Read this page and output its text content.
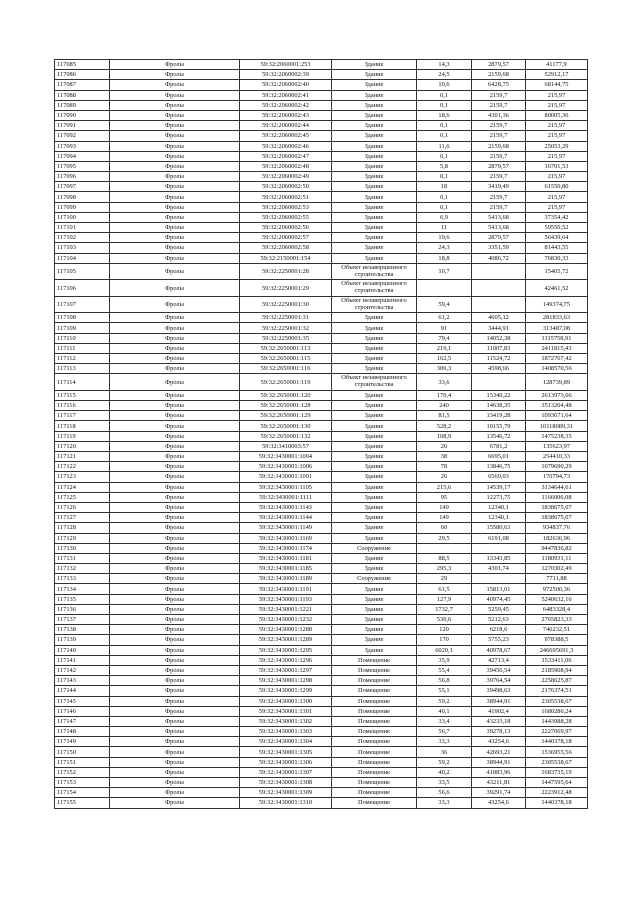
117085	Фролы	59:32:2060001:253	Здание	14,3	2879,57	41177,9
117086	Фролы	59:32:2060002:39	Здание	24,5	2159,68	52912,17
117087	Фролы	59:32:2060002:40	Здание	10,6	6428,75	68144,75
117088	Фролы	59:32:2060002:41	Здание	0,1	2159,7	215,97
117089	Фролы	59:32:2060002:42	Здание	0,1	2159,7	215,97
117090	Фролы	59:32:2060002:43	Здание	18,6	4301,36	80005,36
117091	Фролы	59:32:2060002:44	Здание	0,1	2159,7	215,97
117092	Фролы	59:32:2060002:45	Здание	0,1	2159,7	215,97
117093	Фролы	59:32:2060002:46	Здание	11,6	2159,68	25053,29
117094	Фролы	59:32:2060002:47	Здание	0,1	2159,7	215,97
117095	Фролы	59:32:2060002:48	Здание	5,8	2879,57	16701,53
117096	Фролы	59:32:2060002:49	Здание	0,1	2159,7	215,97
117097	Фролы	59:32:2060002:50	Здание	18	3419,49	61550,80
117098	Фролы	59:32:2060002:51	Здание	0,1	2159,7	215,97
117099	Фролы	59:32:2060002:53	Здание	0,1	2159,7	215,97
117100	Фролы	59:32:2060002:55	Здание	6,9	5413,68	37354,42
117101	Фролы	59:32:2060002:56	Здание	11	5413,68	59550,52
117102	Фролы	59:32:2060002:57	Здание	19,6	2879,57	56439,64
117103	Фролы	59:32:2060002:58	Здание	24,3	3351,59	81443,55
117104	Фролы	59:32:2150001:154	Здание	18,8	4086,72	76830,33
117105	Фролы	59:32:2250001:28	Объект незавершенного строительства	10,7		15405,72
117106	Фролы	59:32:2250001:29	Объект незавершенного строительства			42461,52
117107	Фролы	59:32:2250001:30	Объект незавершенного строительства	59,4		149374,75
117108	Фролы	59:32:2250001:31	Здание	61,2	4605,12	281833,63
117109	Фролы	59:32:2250001:32	Здание	91	3444,91	313487,08
117110	Фролы	59:32:2250001:35	Здание	79,4	14052,38	1115758,91
117111	Фролы	59:32:2650001:113	Здание	219,1	11007,83	2411815,43
117112	Фролы	59:32:2650001:115	Здание	162,5	11524,72	1872767,42
117113	Фролы	59:32:2650001:116	Здание	306,3	4598,66	1408570,56
117114	Фролы	59:32:2650001:119	Объект незавершенного строительства	33,6		128739,89
117115	Фролы	59:32:2650001:120	Здание	170,4	15340,22	2613973,66
117116	Фролы	59:32:2650001:128	Здание	240	14638,35	3513204,48
117117	Фролы	59:32:2650001:129	Здание	81,5	13419,28	1093671,64
117118	Фролы	59:32:2650001:130	Здание	528,2	19155,79	10118089,31
117119	Фролы	59:32:2650001:132	Здание	108,9	13546,72	1475238,35
117120	Фролы	59:32:3410003:57	Здание	20	6781,2	135623,97
117121	Фролы	59:32:3430001:1004	Здание	38	6695,01	254410,33
117122	Фролы	59:32:3430001:1006	Здание	78	13846,75	1079690,29
117123	Фролы	59:32:3430001:1091	Здание	26	6569,03	170794,73
117124	Фролы	59:32:3430001:1105	Здание	215,6	14539,17	3134644,61
117125	Фролы	59:32:3430001:1111	Здание	95	12273,75	1166006,08
117126	Фролы	59:32:3430001:1143	Здание	149	12340,1	1838675,07
117127	Фролы	59:32:3430001:1144	Здание	149	12340,1	1838675,07
117128	Фролы	59:32:3430001:1149	Здание	60	15580,63	934837,76
117129	Фролы	59:32:3430001:1169	Здание	29,5	6191,08	182636,96
117130	Фролы	59:32:3430001:1174	Сооружение			9447836,82
117131	Фролы	59:32:3430001:1181	Здание	88,5	13343,85	1180931,11
117132	Фролы	59:32:3430001:1185	Здание	295,3	4301,74	1270302,49
117133	Фролы	59:32:3430001:1189	Сооружение	29		7711,88
117134	Фролы	59:32:3430001:1191	Здание	61,5	15813,01	972500,36
117135	Фролы	59:32:3430001:1193	Здание	127,9	40974,45	5240632,16
117136	Фролы	59:32:3430001:1221	Здание	1732,7	5259,45	6483328,4
117137	Фролы	59:32:3430001:1232	Здание	530,6	5212,63	2765823,33
117138	Фролы	59:32:3430001:1288	Здание	120	6218,6	746232,51
117139	Фролы	59:32:3430001:1289	Здание	170	5755,23	978388,5
117140	Фролы	59:32:3430001:1295	Здание	6020,1	40978,67	246695691,3
117141	Фролы	59:32:3430001:1296	Помещение	35,9	42713,4	1533411,06
117142	Фролы	59:32:3430001:1297	Помещение	55,4	39456,54	2185908,94
117143	Фролы	59:32:3430001:1298	Помещение	56,8	39764,54	2258625,87
117144	Фролы	59:32:3430001:1299	Помещение	55,1	39498,63	2176374,51
117145	Фролы	59:32:3430001:1300	Помещение	59,2	38944,91	2305538,67
117146	Фролы	59:32:3430001:1301	Помещение	40,1	41902,4	1680286,24
117147	Фролы	59:32:3430001:1302	Помещение	33,4	43233,18	1443988,28
117148	Фролы	59:32:3430001:1303	Помещение	56,7	39278,13	2227069,97
117149	Фролы	59:32:3430001:1304	Помещение	33,3	43254,6	1440378,18
117150	Фролы	59:32:3430001:1305	Помещение	36	42693,21	1536955,56
117151	Фролы	59:32:3430001:1306	Помещение	59,2	38944,91	2305538,67
117152	Фролы	59:32:3430001:1307	Помещение	40,2	41883,96	1683735,19
117153	Фролы	59:32:3430001:1308	Помещение	33,5	43211,81	1447595,64
117154	Фролы	59:32:3430001:1309	Помещение	56,6	39291,74	2223912,48
117155	Фролы	59:32:3430001:1310	Помещение	33,3	43254,6	1440378,18
